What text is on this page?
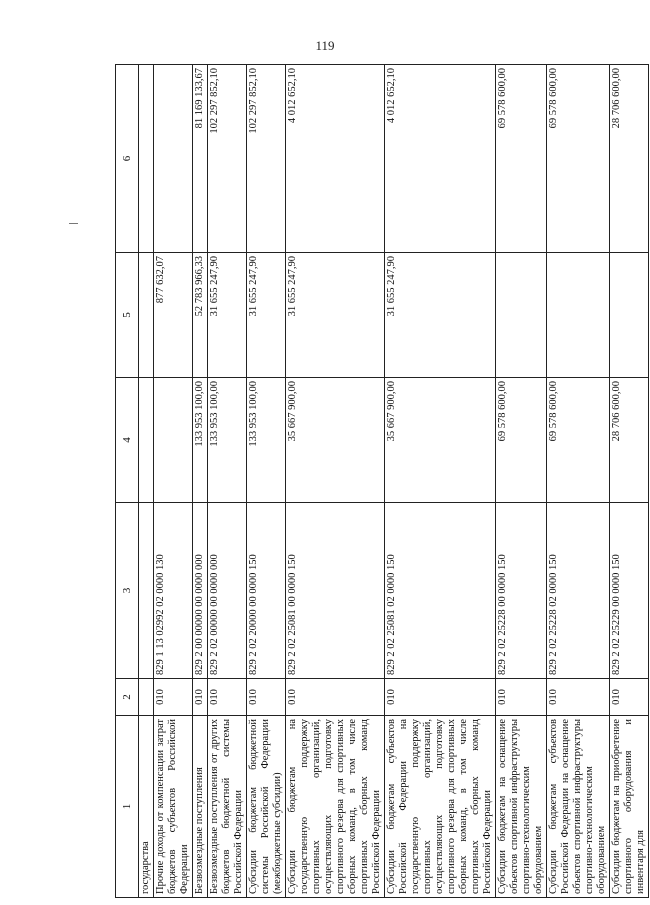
119
1	2	3	4	5	6
государства					
Прочие доходы от компенсации затрат бюджетов субъектов Российской Федерации	010	829 1 13 02992 02 0000 130		877 632,07	
Безвозмездные поступления	010	829 2 00 00000 00 0000 000	133 953 100,00	52 783 966,33	81 169 133,67
Безвозмездные поступления от других бюджетов бюджетной системы Российской Федерации	010	829 2 02 00000 00 0000 000	133 953 100,00	31 655 247,90	102 297 852,10
Субсидии бюджетам бюджетной системы Российской Федерации (межбюджетные субсидии)	010	829 2 02 20000 00 0000 150	133 953 100,00	31 655 247,90	102 297 852,10
Субсидии бюджетам на государственную поддержку спортивных организаций, осуществляющих подготовку спортивного резерва для спортивных сборных команд, в том числе спортивных сборных команд Российской Федерации	010	829 2 02 25081 00 0000 150	35 667 900,00	31 655 247,90	4 012 652,10
Субсидии бюджетам субъектов Российской Федерации на государственную поддержку спортивных организаций, осуществляющих подготовку спортивного резерва для спортивных сборных команд, в том числе спортивных сборных команд Российской Федерации	010	829 2 02 25081 02 0000 150	35 667 900,00	31 655 247,90	4 012 652,10
Субсидии бюджетам на оснащение объектов спортивной инфраструктуры спортивно-технологическим оборудованием	010	829 2 02 25228 00 0000 150	69 578 600,00		69 578 600,00
Субсидии бюджетам субъектов Российской Федерации на оснащение объектов спортивной инфраструктуры спортивно-технологическим оборудованием	010	829 2 02 25228 02 0000 150	69 578 600,00		69 578 600,00
Субсидии бюджетам на приобретение спортивного оборудования и инвентаря для	010	829 2 02 25229 00 0000 150	28 706 600,00		28 706 600,00
